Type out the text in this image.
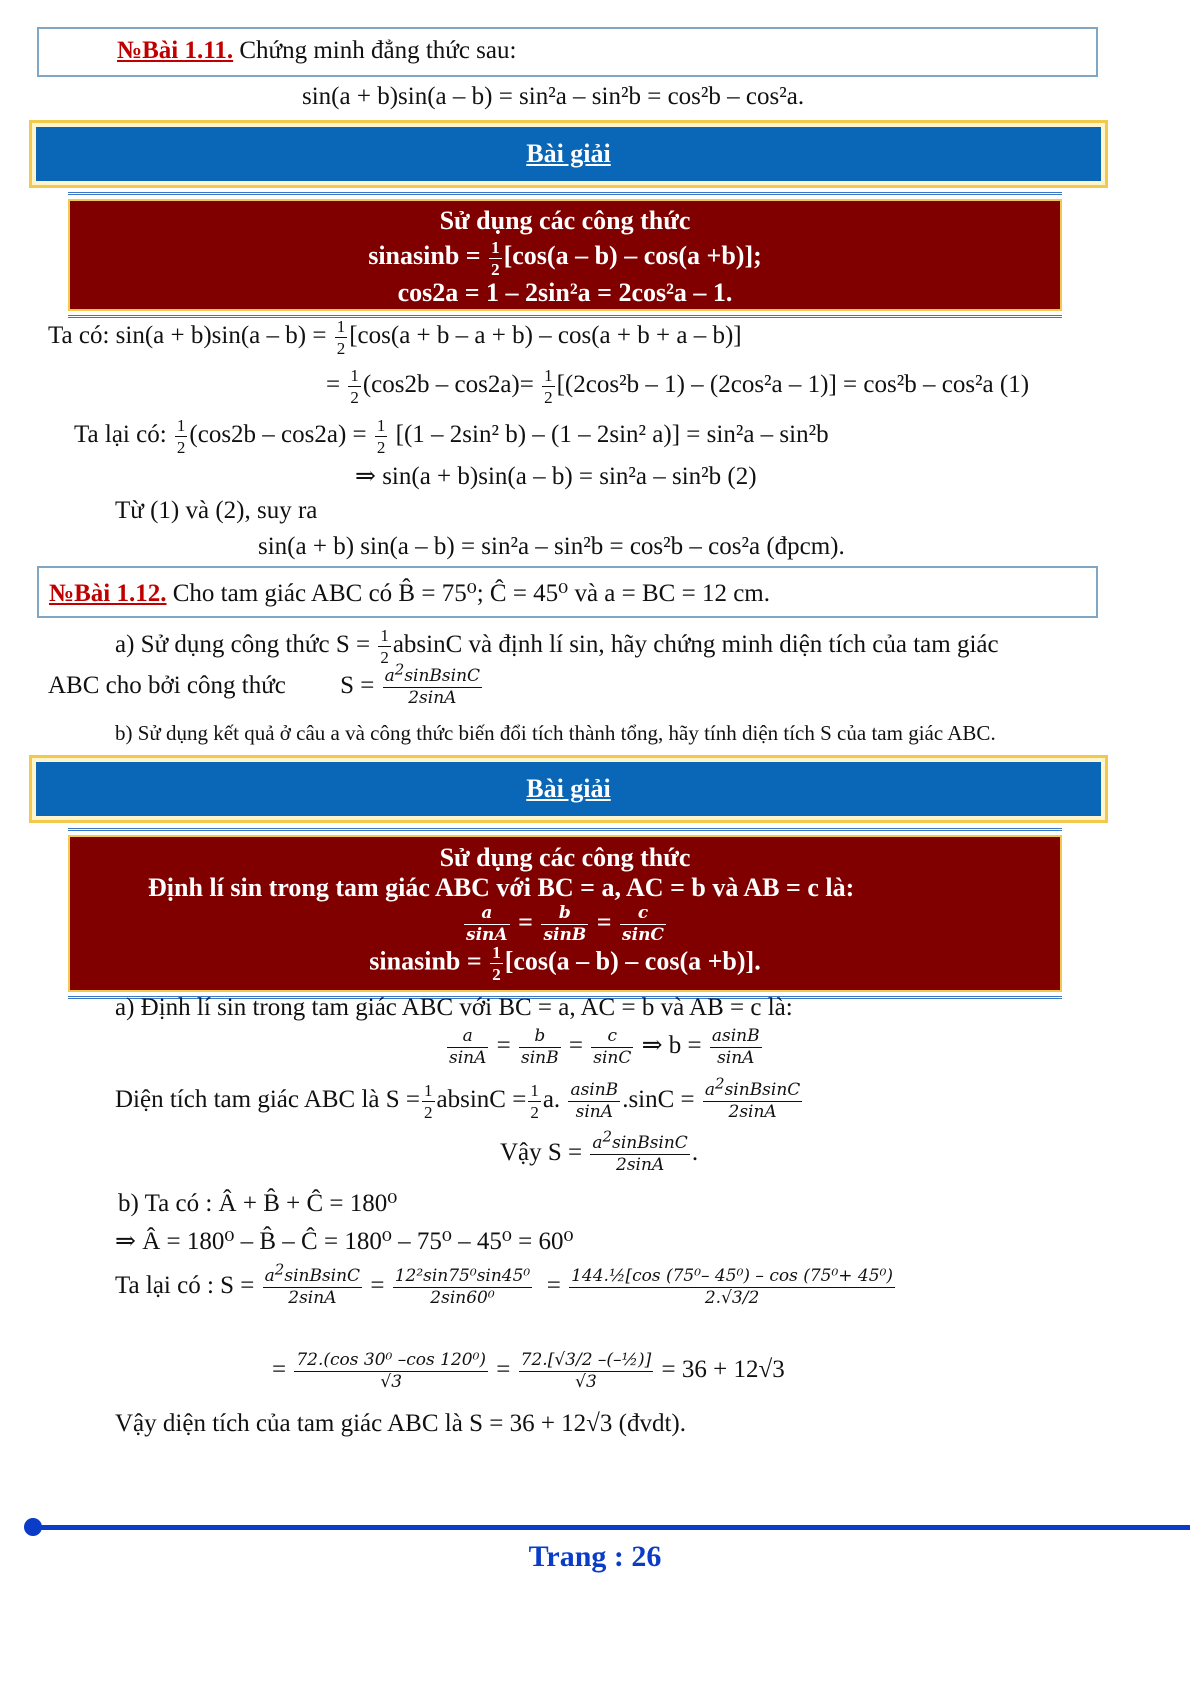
№Bài 1.11. Chứng minh đẳng thức sau:
sin(a + b)sin(a – b) = sin²a – sin²b = cos²b – cos²a.
Bài giải
Sử dụng các công thức
sinasinb = $\frac{1}{2} [\cos(a - b) - \cos(a +b)]$;
cos2a = 1 – 2sin²a = 2cos²a – 1.
Ta có: $\sin(a + b)\sin(a - b) = \frac{1}{2} [\cos(a + b - a + b) - \cos(a + b + a - b)]$
= $\frac{1}{2} (\cos 2b - \cos 2a)= \frac{1}{2} [(2\cos^2b - 1) - (2\cos^2a - 1)] = \cos^2b - \cos^2a$ (1)
Ta lại có: $\frac{1}{2} (\cos 2b - \cos 2a) = \frac{1}{2} [(1 - 2\sin^2$ b) – (1 – 2sin² a)] = sin²a – sin²b
⇒ sin(a + b)sin(a – b) = sin²a – sin²b (2)
Từ (1) và (2), suy ra
sin(a + b) sin(a – b) = sin²a – sin²b = cos²b – cos²a (đpcm).
№Bài 1.12. Cho tam giác ABC có B̂ = 75⁰; Ĉ = 45⁰ và a = BC = 12 cm.
a) Sử dụng công thức $S = \frac{1}{2}$ absinC và định lí sin, hãy chứng minh diện tích của tam giác
ABC cho bởi công thức $S = \frac{a^2sinBsinC}{2\sin A}$
b) Sử dụng kết quả ở câu a và công thức biến đổi tích thành tổng, hãy tính diện tích S của tam giác ABC.
Bài giải
Sử dụng các công thức
Định lí sin trong tam giác ABC với BC = a, AC = b và AB = c là:
$\frac{a}{\sin A} = \frac{b}{\sin B} = \frac{c}{\sin C}$
sinasinb = $\frac{1}{2} [\cos(a - b) - \cos(a +b)]$.
a) Định lí sin trong tam giác ABC với BC = a, AC = b và AB = c là:
$\frac{a}{\sin A} = \frac{b}{\sin B} = \frac{c}{\sin C}$ ⇒ $b = \frac{asinB}{\sin A}$
Diện tích tam giác ABC là $S = \frac{1}{2}$ $absinC = \frac{1}{2} a$. $\frac{asinB}{\sin A} .\sin C = \frac{a^2sinBsinC}{2\sin A}$
Vậy $S = \frac{a^2sinBsinC}{2\sin A}$ .
b) Ta có : Â + B̂ + Ĉ = 180⁰
⇒ Â = 180⁰ – B̂ – Ĉ = 180⁰ – 75⁰ – 45⁰ = 60⁰
Ta lại có : $S = \frac{a^2sinBsinC}{2\sin A} = \frac{\text{12²sin75⁰sin45⁰}}{\text{2sin60⁰}} = \frac{\text{144.½[cos (75⁰– 45⁰) – cos (75⁰+ 45⁰)}}{2.√3/2}$
= $\frac{\text{72.(cos 30⁰ –cos 120⁰)}}{√3} = \frac{\text{72.[√3/2 –(–½)]}}{√3} = 36 + 12√3$
Vậy diện tích của tam giác ABC là S = 36 + 12√3 (đvdt).
Trang : 26
